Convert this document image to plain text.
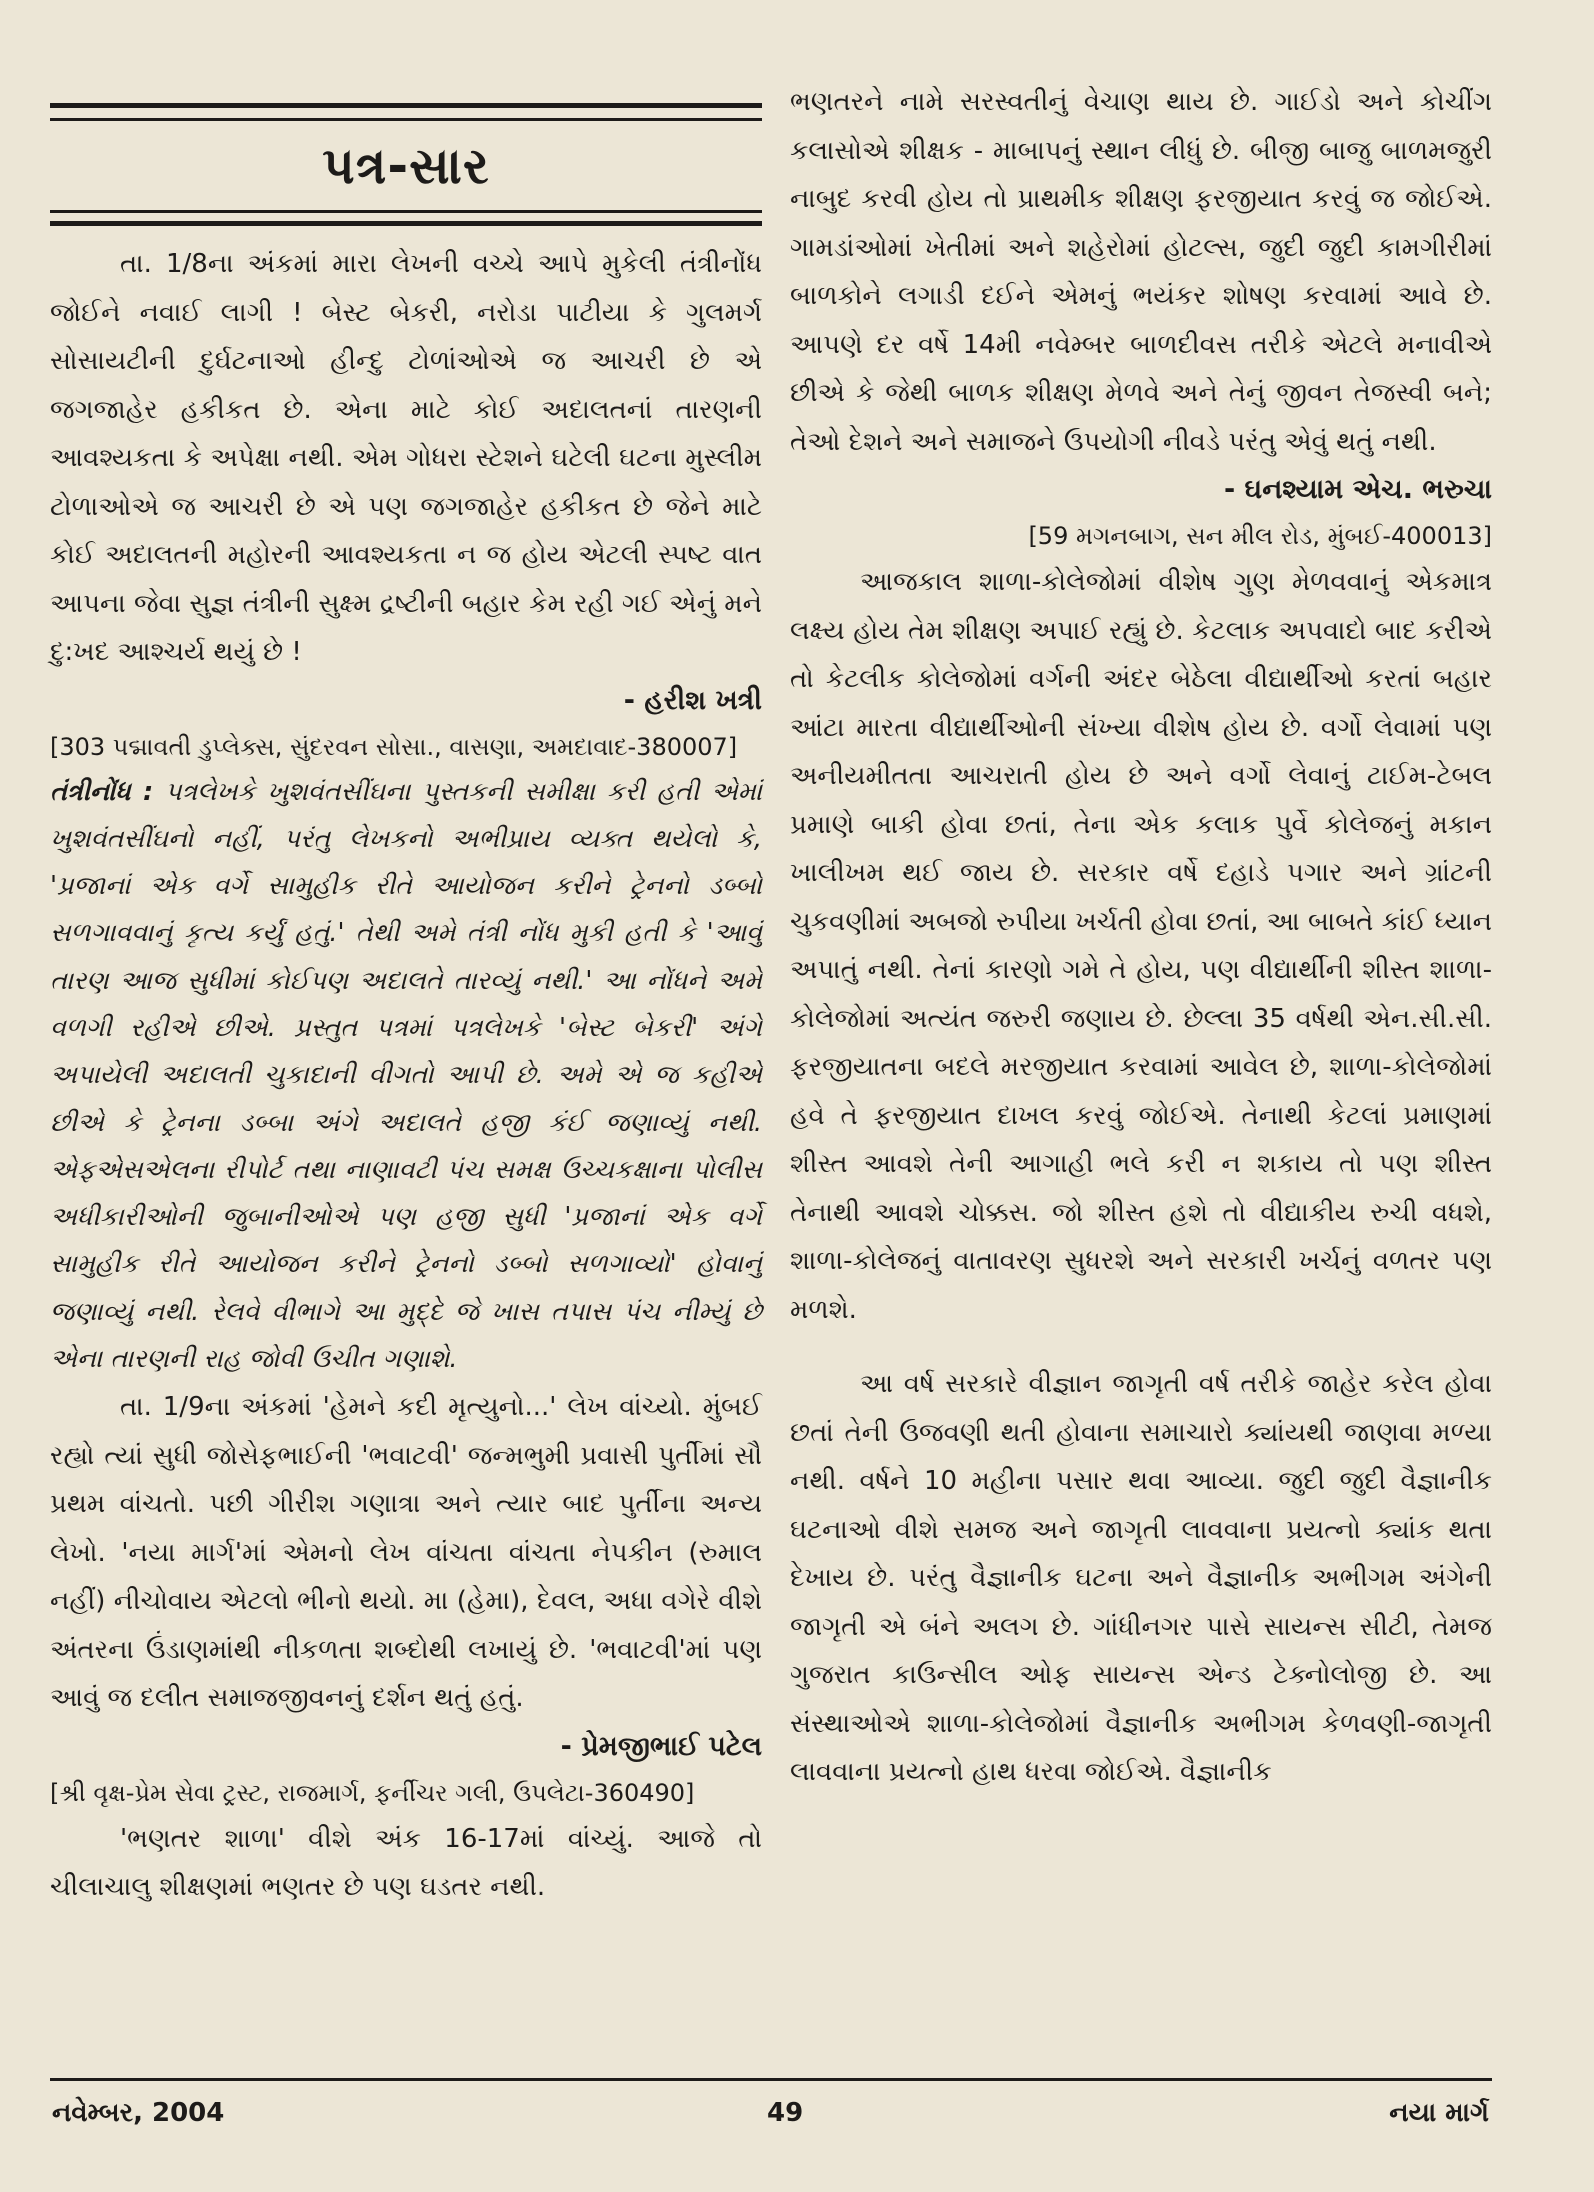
પત્ર-સાર

તા. 1/8ના અંકમાં મારા લેખની વચ્ચે આપે મુકેલી તંત્રીનોંધ જોઈને નવાઈ લાગી ! બેસ્ટ બેકરી, નરોડા પાટીયા કે ગુલમર્ગ સોસાયટીની દુર્ઘટનાઓ હીન્દુ ટોળાંઓએ જ આચરી છે એ જગજાહેર હકીકત છે. એના માટે કોઈ અદાલતનાં તારણની આવશ્યકતા કે અપેક્ષા નથી. એમ ગોધરા સ્ટેશને ઘટેલી ઘટના મુસ્લીમ ટોળાઓએ જ આચરી છે એ પણ જગજાહેર હકીકત છે જેને માટે કોઈ અદાલતની મહોરની આવશ્યકતા ન જ હોય એટલી સ્પષ્ટ વાત આપના જેવા સુજ્ઞ તંત્રીની સુક્ષ્મ દ્રષ્ટીની બહાર કેમ રહી ગઈ એનું મને દુ:ખદ આશ્ચર્ય થયું છે !

- હરીશ ખત્રી
[303 પદ્માવતી ડુપ્લેક્સ, સુંદરવન સોસા., વાસણા, અમદાવાદ-380007]

તંત્રીનોંધ : પત્રલેખકે ખુશવંતસીંઘના પુસ્તકની સમીક્ષા કરી હતી એમાં ખુશવંતસીંઘનો નહીં, પરંતુ લેખકનો અભીપ્રાય વ્યક્ત થયેલો કે, 'પ્રજાનાં એક વર્ગે સામુહીક રીતે આયોજન કરીને ટ્રેનનો ડબ્બો સળગાવવાનું કૃત્ય કર્યું હતું.' તેથી અમે તંત્રી નોંધ મુકી હતી કે 'આવું તારણ આજ સુધીમાં કોઈપણ અદાલતે તારવ્યું નથી.' આ નોંધને અમે વળગી રહીએ છીએ. પ્રસ્તુત પત્રમાં પત્રલેખકે 'બેસ્ટ બેકરી' અંગે અપાયેલી અદાલતી ચુકાદાની વીગતો આપી છે. અમે એ જ કહીએ છીએ કે ટ્રેનના ડબ્બા અંગે અદાલતે હજી કંઈ જણાવ્યું નથી. એફએસએલના રીપોર્ટ તથા નાણાવટી પંચ સમક્ષ ઉચ્ચકક્ષાના પોલીસ અધીકારીઓની જુબાનીઓએ પણ હજી સુધી 'પ્રજાનાં એક વર્ગે સામુહીક રીતે આયોજન કરીને ટ્રેનનો ડબ્બો સળગાવ્યો' હોવાનું જણાવ્યું નથી. રેલવે વીભાગે આ મુદ્દે જે ખાસ તપાસ પંચ નીમ્યું છે એના તારણની રાહ જોવી ઉચીત ગણાશે.

તા. 1/9ના અંકમાં 'હેમને કદી મૃત્યુનો...' લેખ વાંચ્યો. મુંબઈ રહ્યો ત્યાં સુધી જોસેફભાઈની 'ભવાટવી' જન્મભુમી પ્રવાસી પુર્તીમાં સૌ પ્રથમ વાંચતો. પછી ગીરીશ ગણાત્રા અને ત્યાર બાદ પુર્તીના અન્ય લેખો. 'નયા માર્ગ'માં એમનો લેખ વાંચતા વાંચતા નેપકીન (રુમાલ નહીં) નીચોવાય એટલો ભીનો થયો. મા (હેમા), દેવલ, અધા વગેરે વીશે અંતરના ઉંડાણમાંથી નીકળતા શબ્દોથી લખાયું છે. 'ભવાટવી'માં પણ આવું જ દલીત સમાજજીવનનું દર્શન થતું હતું.

- પ્રેમજીભાઈ પટેલ
[શ્રી વૃક્ષ-પ્રેમ સેવા ટ્રસ્ટ, રાજમાર્ગ, ફર્નીચર ગલી, ઉપલેટા-360490]

'ભણતર શાળા' વીશે અંક 16-17માં વાંચ્યું. આજે તો ચીલાચાલુ શીક્ષણમાં ભણતર છે પણ ઘડતર નથી.

ભણતરને નામે સરસ્વતીનું વેચાણ થાય છે. ગાઈડો અને કોચીંગ કલાસોએ શીક્ષક - માબાપનું સ્થાન લીધું છે. બીજી બાજુ બાળમજુરી નાબુદ કરવી હોય તો પ્રાથમીક શીક્ષણ ફરજીયાત કરવું જ જોઈએ. ગામડાંઓમાં ખેતીમાં અને શહેરોમાં હોટલ્સ, જુદી જુદી કામગીરીમાં બાળકોને લગાડી દઈને એમનું ભયંકર શોષણ કરવામાં આવે છે. આપણે દર વર્ષે 14મી નવેમ્બર બાળદીવસ તરીકે એટલે મનાવીએ છીએ કે જેથી બાળક શીક્ષણ મેળવે અને તેનું જીવન તેજસ્વી બને; તેઓ દેશને અને સમાજને ઉપયોગી નીવડે પરંતુ એવું થતું નથી.

- ઘનશ્યામ એચ. ભરુચા
[59 મગનબાગ, સન મીલ રોડ, મુંબઈ-400013]

આજકાલ શાળા-કોલેજોમાં વીશેષ ગુણ મેળવવાનું એકમાત્ર લક્ષ્ય હોય તેમ શીક્ષણ અપાઈ રહ્યું છે. કેટલાક અપવાદો બાદ કરીએ તો કેટલીક કોલેજોમાં વર્ગની અંદર બેઠેલા વીદ્યાર્થીઓ કરતાં બહાર આંટા મારતા વીદ્યાર્થીઓની સંખ્યા વીશેષ હોય છે. વર્ગો લેવામાં પણ અનીયમીતતા આચરાતી હોય છે અને વર્ગો લેવાનું ટાઈમ-ટેબલ પ્રમાણે બાકી હોવા છતાં, તેના એક કલાક પુર્વે કોલેજનું મકાન ખાલીખમ થઈ જાય છે. સરકાર વર્ષે દહાડે પગાર અને ગ્રાંટની ચુકવણીમાં અબજો રુપીયા ખર્ચતી હોવા છતાં, આ બાબતે કાંઈ ધ્યાન અપાતું નથી. તેનાં કારણો ગમે તે હોય, પણ વીદ્યાર્થીની શીસ્ત શાળા-કોલેજોમાં અત્યંત જરુરી જણાય છે. છેલ્લા 35 વર્ષથી એન.સી.સી. ફરજીયાતના બદલે મરજીયાત કરવામાં આવેલ છે, શાળા-કોલેજોમાં હવે તે ફરજીયાત દાખલ કરવું જોઈએ. તેનાથી કેટલાં પ્રમાણમાં શીસ્ત આવશે તેની આગાહી ભલે કરી ન શકાય તો પણ શીસ્ત તેનાથી આવશે ચોક્કસ. જો શીસ્ત હશે તો વીદ્યાકીય રુચી વધશે, શાળા-કોલેજનું વાતાવરણ સુધરશે અને સરકારી ખર્ચનું વળતર પણ મળશે.

આ વર્ષ સરકારે વીજ્ઞાન જાગૃતી વર્ષ તરીકે જાહેર કરેલ હોવા છતાં તેની ઉજવણી થતી હોવાના સમાચારો ક્યાંયથી જાણવા મળ્યા નથી. વર્ષને 10 મહીના પસાર થવા આવ્યા. જુદી જુદી વૈજ્ઞાનીક ઘટનાઓ વીશે સમજ અને જાગૃતી લાવવાના પ્રયત્નો ક્યાંક થતા દેખાય છે. પરંતુ વૈજ્ઞાનીક ઘટના અને વૈજ્ઞાનીક અભીગમ અંગેની જાગૃતી એ બંને અલગ છે. ગાંધીનગર પાસે સાયન્સ સીટી, તેમજ ગુજરાત કાઉન્સીલ ઓફ સાયન્સ એન્ડ ટેક્નોલોજી છે. આ સંસ્થાઓએ શાળા-કોલેજોમાં વૈજ્ઞાનીક અભીગમ કેળવણી-જાગૃતી લાવવાના પ્રયત્નો હાથ ધરવા જોઈએ. વૈજ્ઞાનીક

નવેમ્બર, 2004	49	નયા માર્ગ
